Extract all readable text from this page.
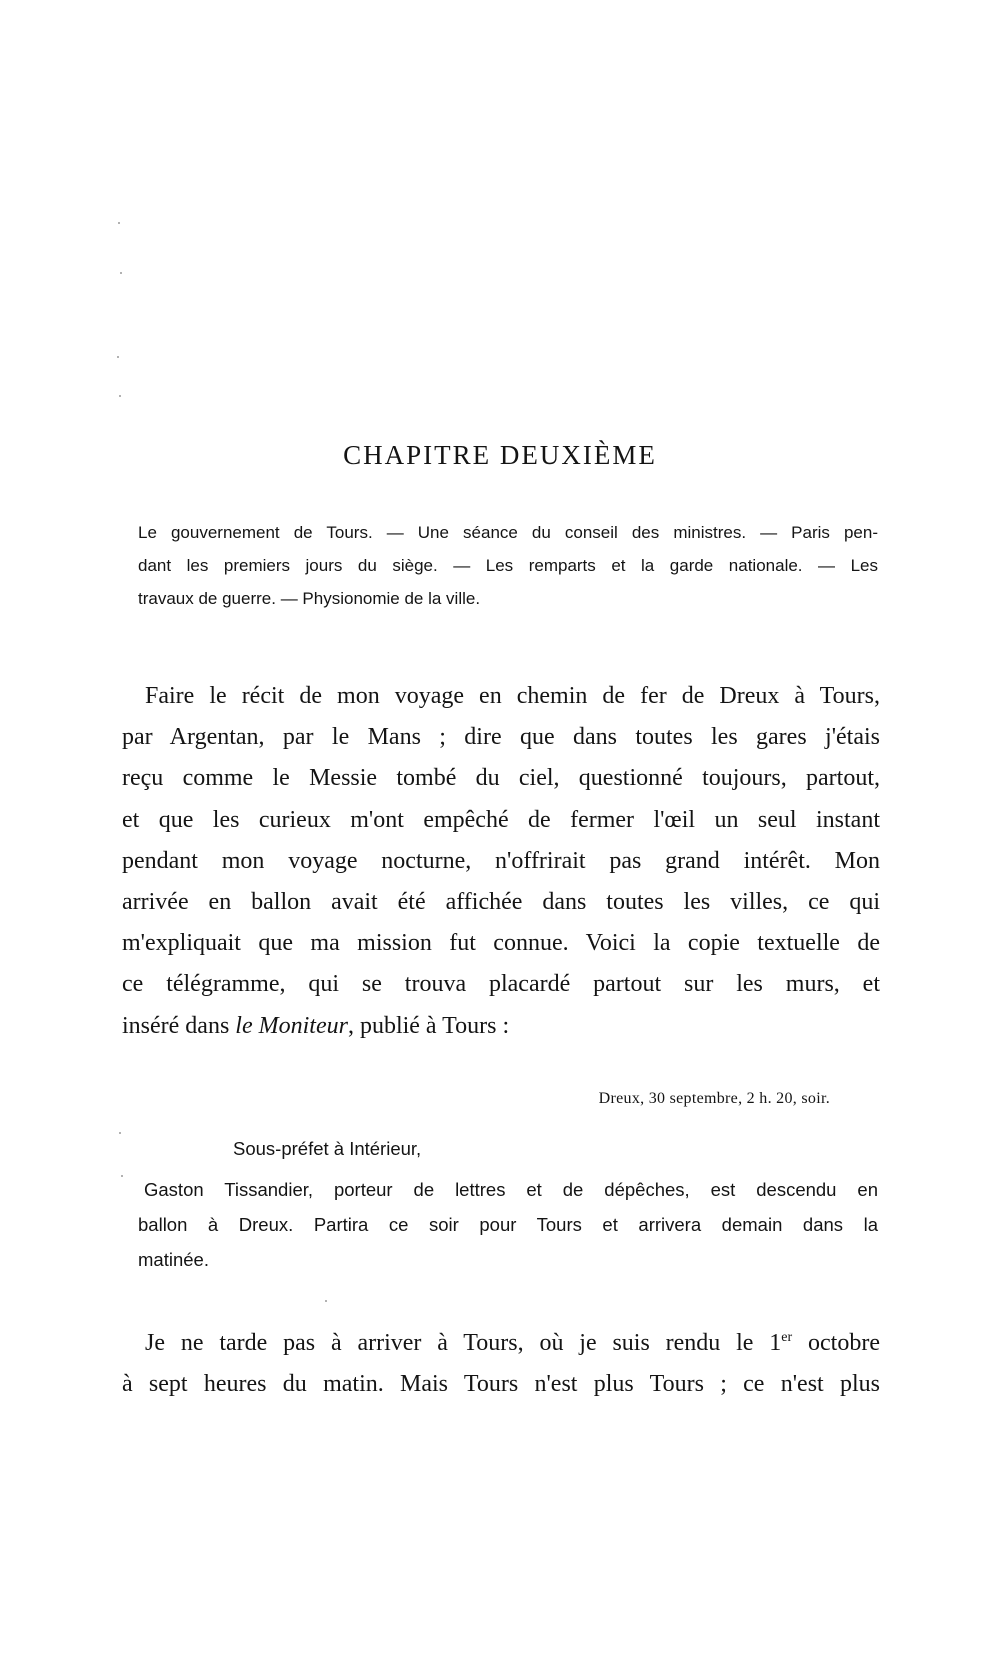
CHAPITRE DEUXIÈME
Le gouvernement de Tours. — Une séance du conseil des ministres. — Paris pen-
dant les premiers jours du siège. — Les remparts et la garde nationale. — Les
travaux de guerre. — Physionomie de la ville.
Faire le récit de mon voyage en chemin de fer de Dreux à Tours,
par Argentan, par le Mans ; dire que dans toutes les gares j'étais
reçu comme le Messie tombé du ciel, questionné toujours, partout,
et que les curieux m'ont empêché de fermer l'œil un seul instant
pendant mon voyage nocturne, n'offrirait pas grand intérêt. Mon
arrivée en ballon avait été affichée dans toutes les villes, ce qui
m'expliquait que ma mission fut connue. Voici la copie textuelle de
ce télégramme, qui se trouva placardé partout sur les murs, et
inséré dans le Moniteur, publié à Tours :

Dreux, 30 septembre, 2 h. 20, soir.

Sous-préfet à Intérieur,

Gaston Tissandier, porteur de lettres et de dépêches, est descendu en
ballon à Dreux. Partira ce soir pour Tours et arrivera demain dans la
matinée.
Je ne tarde pas à arriver à Tours, où je suis rendu le 1er octobre
à sept heures du matin. Mais Tours n'est plus Tours ; ce n'est plus
